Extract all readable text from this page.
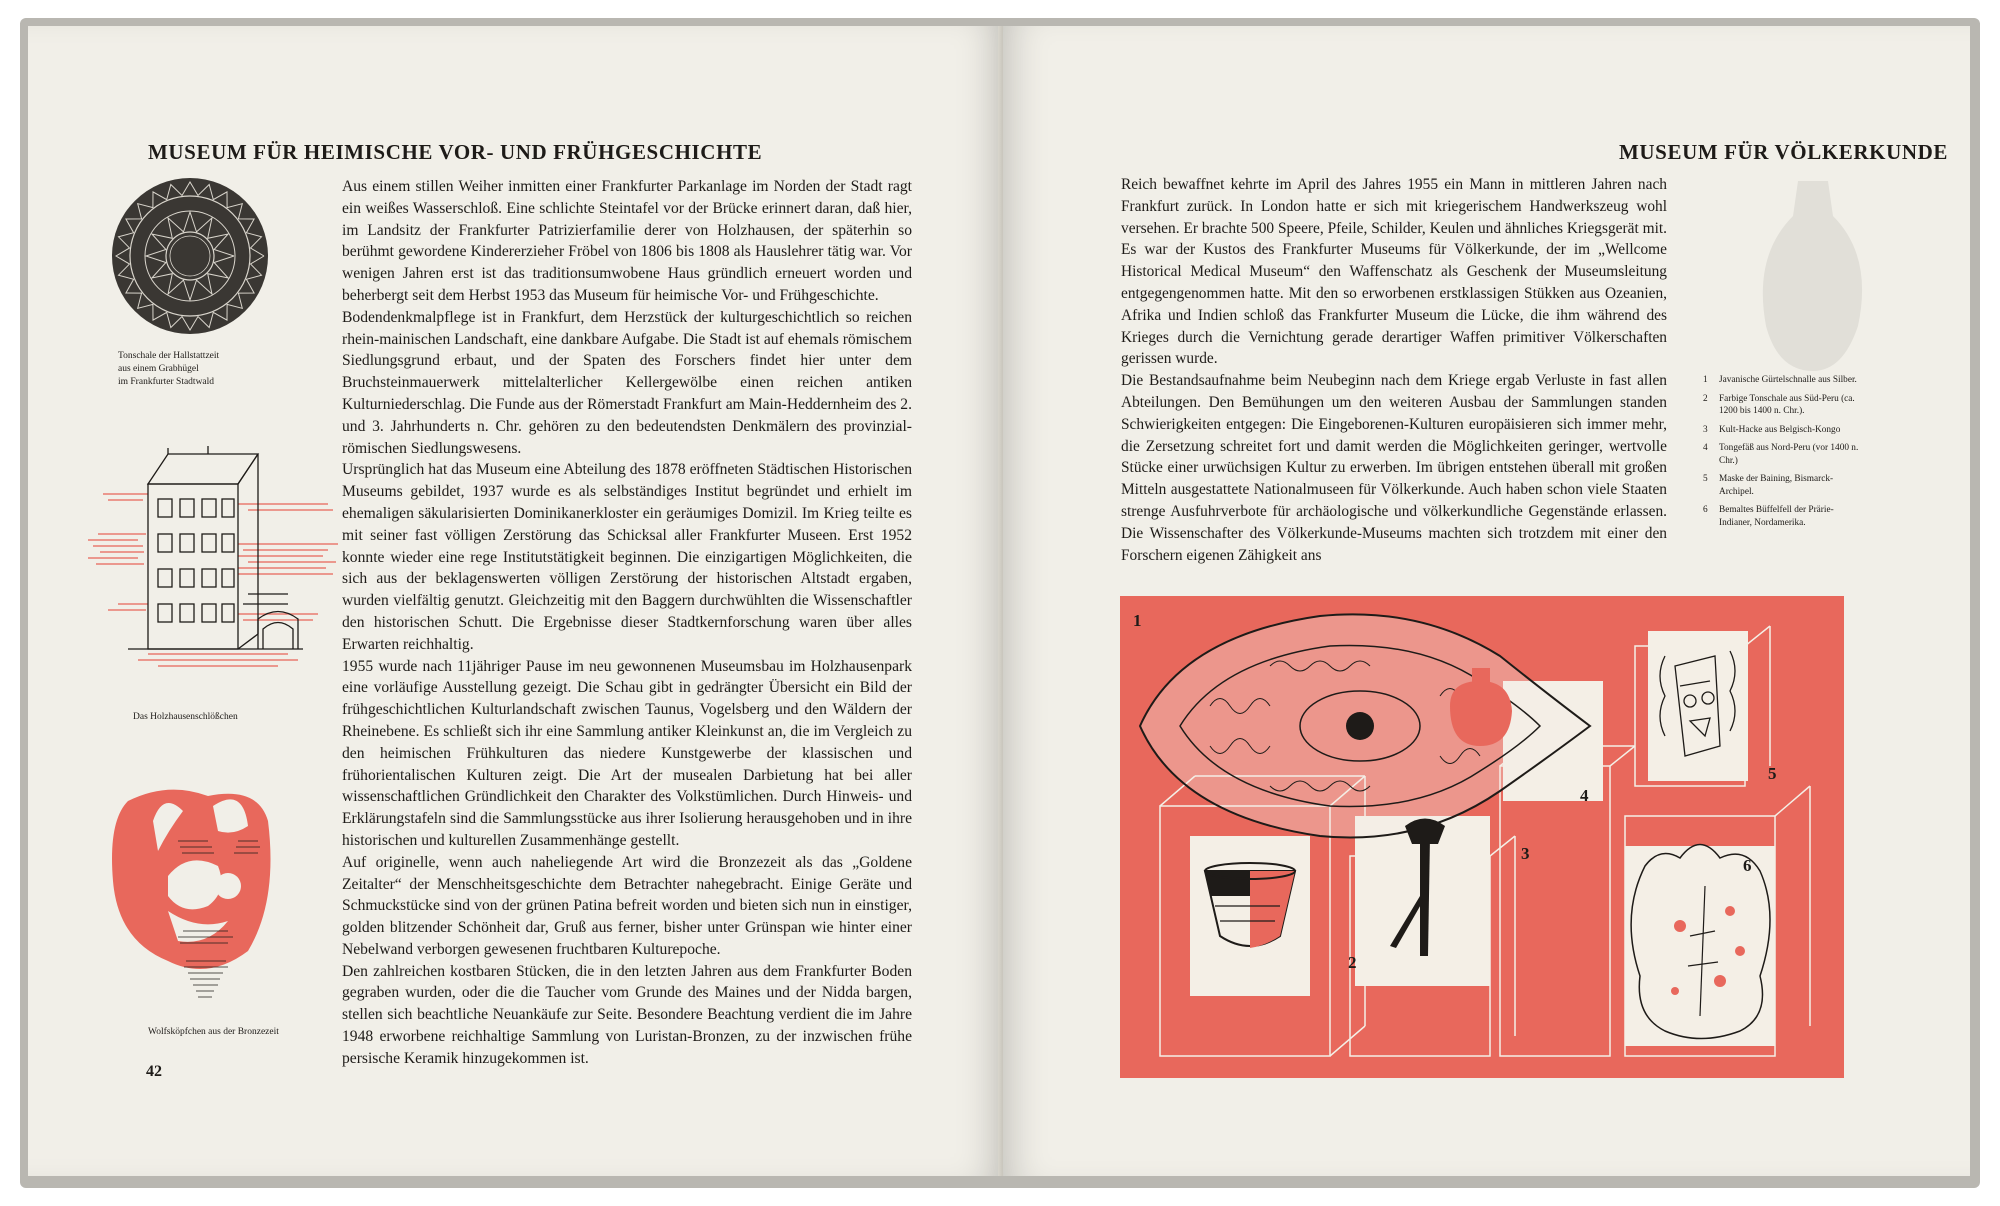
MUSEUM FÜR HEIMISCHE VOR- UND FRÜHGESCHICHTE
Tonschale der Hallstattzeit
aus einem Grabhügel
im Frankfurter Stadtwald
Das Holzhausenschlößchen
Wolfsköpfchen aus der Bronzezeit
42

Aus einem stillen Weiher inmitten einer Frankfurter Parkanlage im Norden der Stadt ragt ein weißes Wasserschloß. Eine schlichte Steintafel vor der Brücke erinnert daran, daß hier, im Landsitz der Frankfurter Patrizierfamilie derer von Holzhausen, der späterhin so berühmt gewordene Kindererzieher Fröbel von 1806 bis 1808 als Hauslehrer tätig war. Vor wenigen Jahren erst ist das traditionsumwobene Haus gründlich erneuert worden und beherbergt seit dem Herbst 1953 das Museum für heimische Vor- und Frühgeschichte.

Bodendenkmalpflege ist in Frankfurt, dem Herzstück der kulturgeschichtlich so reichen rhein-mainischen Landschaft, eine dankbare Aufgabe. Die Stadt ist auf ehemals römischem Siedlungsgrund erbaut, und der Spaten des Forschers findet hier unter dem Bruchsteinmauerwerk mittelalterlicher Kellergewölbe einen reichen antiken Kulturniederschlag. Die Funde aus der Römerstadt Frankfurt am Main-Heddernheim des 2. und 3. Jahrhunderts n. Chr. gehören zu den bedeutendsten Denkmälern des provinzial-römischen Siedlungswesens.

Ursprünglich hat das Museum eine Abteilung des 1878 eröffneten Städtischen Historischen Museums gebildet, 1937 wurde es als selbständiges Institut begründet und erhielt im ehemaligen säkularisierten Dominikanerkloster ein geräumiges Domizil. Im Krieg teilte es mit seiner fast völligen Zerstörung das Schicksal aller Frankfurter Museen. Erst 1952 konnte wieder eine rege Institutstätigkeit beginnen. Die einzigartigen Möglichkeiten, die sich aus der beklagenswerten völligen Zerstörung der historischen Altstadt ergaben, wurden vielfältig genutzt. Gleichzeitig mit den Baggern durchwühlten die Wissenschaftler den historischen Schutt. Die Ergebnisse dieser Stadtkernforschung waren über alles Erwarten reichhaltig.

1955 wurde nach 11jähriger Pause im neu gewonnenen Museumsbau im Holzhausenpark eine vorläufige Ausstellung gezeigt. Die Schau gibt in gedrängter Übersicht ein Bild der frühgeschichtlichen Kulturlandschaft zwischen Taunus, Vogelsberg und den Wäldern der Rheinebene. Es schließt sich ihr eine Sammlung antiker Kleinkunst an, die im Vergleich zu den heimischen Frühkulturen das niedere Kunstgewerbe der klassischen und frühorientalischen Kulturen zeigt. Die Art der musealen Darbietung hat bei aller wissenschaftlichen Gründlichkeit den Charakter des Volkstümlichen. Durch Hinweis- und Erklärungstafeln sind die Sammlungsstücke aus ihrer Isolierung herausgehoben und in ihre historischen und kulturellen Zusammenhänge gestellt.

Auf originelle, wenn auch naheliegende Art wird die Bronzezeit als das „Goldene Zeitalter“ der Menschheitsgeschichte dem Betrachter nahegebracht. Einige Geräte und Schmuckstücke sind von der grünen Patina befreit worden und bieten sich nun in einstiger, golden blitzender Schönheit dar, Gruß aus ferner, bisher unter Grünspan wie hinter einer Nebelwand verborgen gewesenen fruchtbaren Kulturepoche.

Den zahlreichen kostbaren Stücken, die in den letzten Jahren aus dem Frankfurter Boden gegraben wurden, oder die die Taucher vom Grunde des Maines und der Nidda bargen, stellen sich beachtliche Neuankäufe zur Seite. Besondere Beachtung verdient die im Jahre 1948 erworbene reichhaltige Sammlung von Luristan-Bronzen, zu der inzwischen frühe persische Keramik hinzugekommen ist.

MUSEUM FÜR VÖLKERKUNDE

Reich bewaffnet kehrte im April des Jahres 1955 ein Mann in mittleren Jahren nach Frankfurt zurück. In London hatte er sich mit kriegerischem Handwerkszeug wohl versehen. Er brachte 500 Speere, Pfeile, Schilder, Keulen und ähnliches Kriegsgerät mit. Es war der Kustos des Frankfurter Museums für Völkerkunde, der im „Wellcome Historical Medical Museum“ den Waffenschatz als Geschenk der Museumsleitung entgegengenommen hatte. Mit den so erworbenen erstklassigen Stükken aus Ozeanien, Afrika und Indien schloß das Frankfurter Museum die Lücke, die ihm während des Krieges durch die Vernichtung gerade derartiger Waffen primitiver Völkerschaften gerissen wurde.

Die Bestandsaufnahme beim Neubeginn nach dem Kriege ergab Verluste in fast allen Abteilungen. Den Bemühungen um den weiteren Ausbau der Sammlungen standen Schwierigkeiten entgegen: Die Eingeborenen-Kulturen europäisieren sich immer mehr, die Zersetzung schreitet fort und damit werden die Möglichkeiten geringer, wertvolle Stücke einer urwüchsigen Kultur zu erwerben. Im übrigen entstehen überall mit großen Mitteln ausgestattete Nationalmuseen für Völkerkunde. Auch haben schon viele Staaten strenge Ausfuhrverbote für archäologische und völkerkundliche Gegenstände erlassen. Die Wissenschafter des Völkerkunde-Museums machten sich trotzdem mit einer den Forschern eigenen Zähigkeit ans

1	Javanische Gürtelschnalle aus Silber.
2	Farbige Tonschale aus Süd-Peru (ca. 1200 bis 1400 n. Chr.).
3	Kult-Hacke aus Belgisch-Kongo
4	Tongefäß aus Nord-Peru (vor 1400 n. Chr.)
5	Maske der Baining, Bismarck-Archipel.
6	Bemaltes Büffelfell der Prärie-Indianer, Nordamerika.
1
2
3
4
5
6
